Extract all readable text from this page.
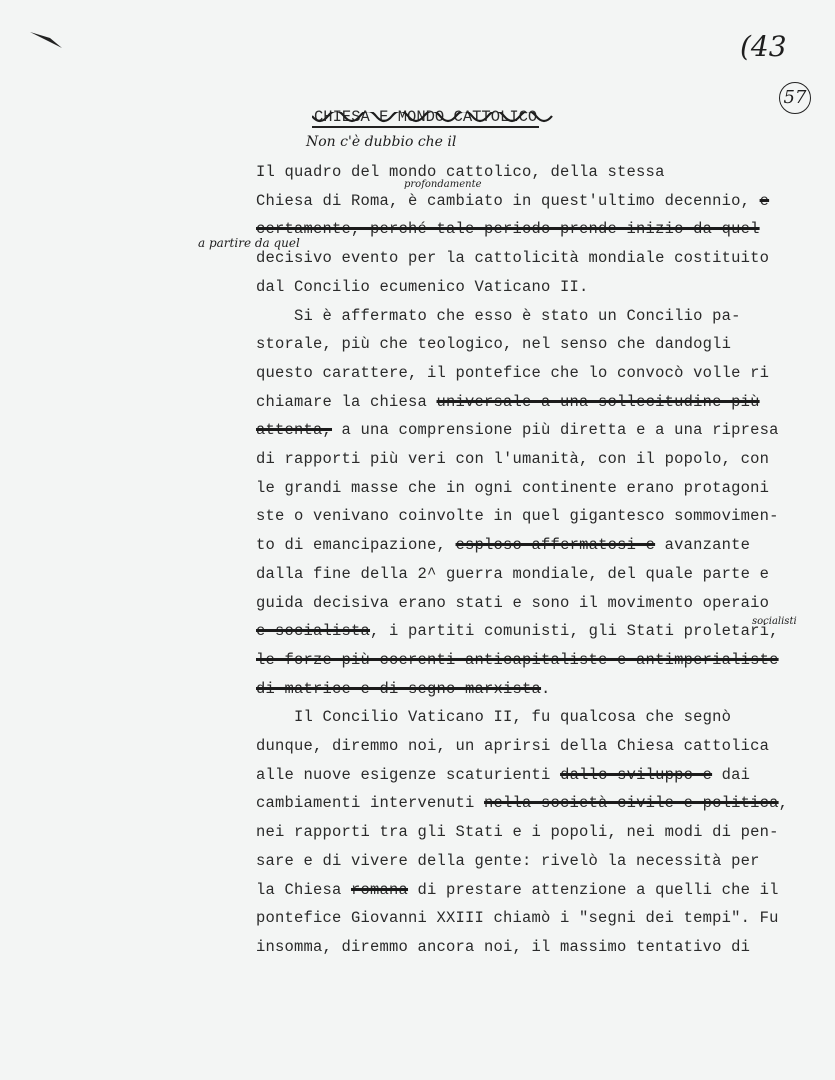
(43
57
CHIESA E MONDO CATTOLICO
Non c'è dubbio che il
profondamente
a partire da quel
socialisti
Il quadro del mondo cattolico, della stessa
Chiesa di Roma, è cambiato in quest'ultimo decennio, e
certamente, perché tale periodo prende inizio da quel
decisivo evento per la cattolicità mondiale costituito
dal Concilio ecumenico Vaticano II.
Si è affermato che esso è stato un Concilio pa-
storale, più che teologico, nel senso che dandogli
questo carattere, il pontefice che lo convocò volle ri
chiamare la chiesa universale a una sollecitudine più
attenta, a una comprensione più diretta e a una ripresa
di rapporti più veri con l'umanità, con il popolo, con
le grandi masse che in ogni continente erano protagoni
ste o venivano coinvolte in quel gigantesco sommovimen-
to di emancipazione, esploso affermatosi e avanzante
dalla fine della 2^ guerra mondiale, del quale parte e
guida decisiva erano stati e sono il movimento operaio
e socialista, i partiti comunisti, gli Stati proletari,
le forze più coerenti anticapitaliste e antimperialiste
di matrice e di segno marxista.
Il Concilio Vaticano II, fu qualcosa che segnò
dunque, diremmo noi, un aprirsi della Chiesa cattolica
alle nuove esigenze scaturienti dallo sviluppo e dai
cambiamenti intervenuti nella società civile e politica,
nei rapporti tra gli Stati e i popoli, nei modi di pen-
sare e di vivere della gente: rivelò la necessità per
la Chiesa romana di prestare attenzione a quelli che il
pontefice Giovanni XXIII chiamò i "segni dei tempi". Fu
insomma, diremmo ancora noi, il massimo tentativo di
